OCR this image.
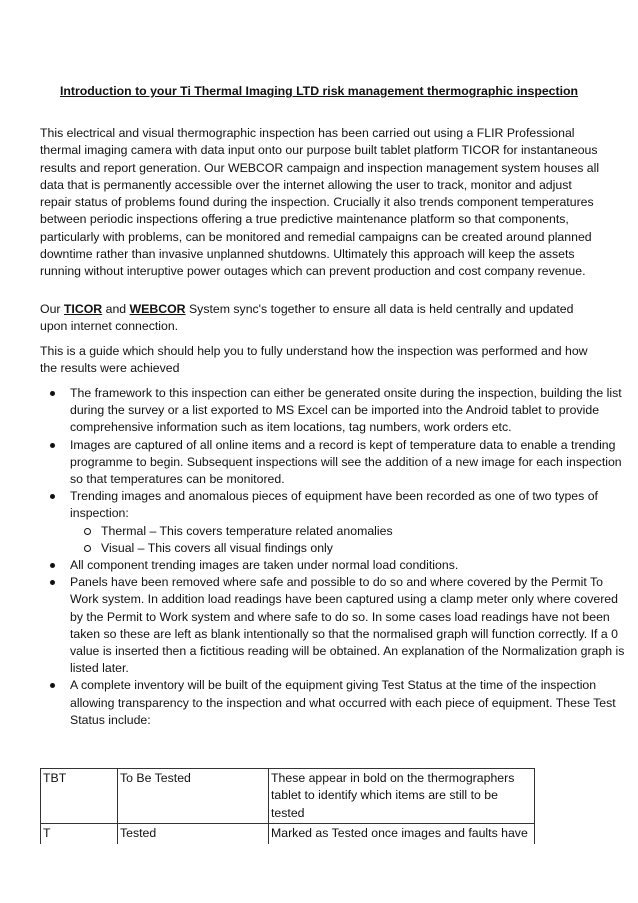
Introduction to your Ti Thermal Imaging LTD risk management thermographic inspection

This electrical and visual thermographic inspection has been carried out using a FLIR Professional thermal imaging camera with data input onto our purpose built tablet platform TICOR for instantaneous results and report generation. Our WEBCOR campaign and inspection management system houses all data that is permanently accessible over the internet allowing the user to track, monitor and adjust repair status of problems found during the inspection. Crucially it also trends component temperatures between periodic inspections offering a true predictive maintenance platform so that components, particularly with problems, can be monitored and remedial campaigns can be created around planned downtime rather than invasive unplanned shutdowns. Ultimately this approach will keep the assets running without interuptive power outages which can prevent production and cost company revenue.

Our TICOR and WEBCOR System sync's together to ensure all data is held centrally and updated upon internet connection.

This is a guide which should help you to fully understand how the inspection was performed and how the results were achieved

The framework to this inspection can either be generated onsite during the inspection, building the list during the survey or a list exported to MS Excel can be imported into the Android tablet to provide comprehensive information such as item locations, tag numbers, work orders etc.
Images are captured of all online items and a record is kept of temperature data to enable a trending programme to begin. Subsequent inspections will see the addition of a new image for each inspection so that temperatures can be monitored.
Trending images and anomalous pieces of equipment have been recorded as one of two types of inspection:
Thermal – This covers temperature related anomalies
Visual – This covers all visual findings only
All component trending images are taken under normal load conditions.
Panels have been removed where safe and possible to do so and where covered by the Permit To Work system. In addition load readings have been captured using a clamp meter only where covered by the Permit to Work system and where safe to do so. In some cases load readings have not been taken so these are left as blank intentionally so that the normalised graph will function correctly. If a 0 value is inserted then a fictitious reading will be obtained. An explanation of the Normalization graph is listed later.
A complete inventory will be built of the equipment giving Test Status at the time of the inspection allowing transparency to the inspection and what occurred with each piece of equipment. These Test Status include:
TBT	To Be Tested	These appear in bold on the thermographers tablet to identify which items are still to be tested
T	Tested	Marked as Tested once images and faults have
